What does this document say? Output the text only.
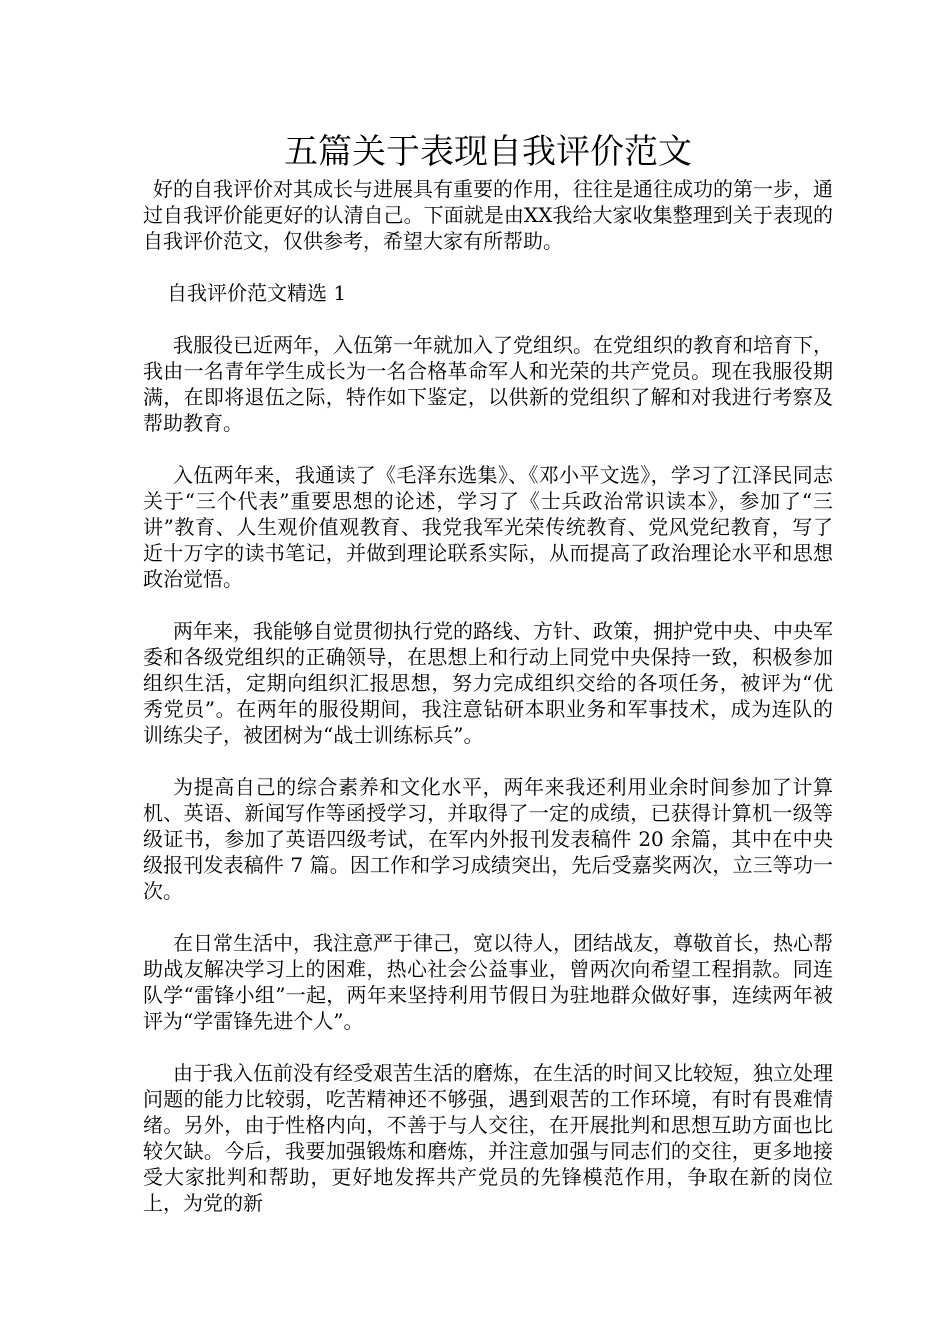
五篇关于表现自我评价范文

好的自我评价对其成长与进展具有重要的作用，往往是通往成功的第一步，通过自我评价能更好的认清自己。下面就是由XX我给大家收集整理到关于表现的自我评价范文，仅供参考，希望大家有所帮助。

自我评价范文精选 1

我服役已近两年，入伍第一年就加入了党组织。在党组织的教育和培育下，我由一名青年学生成长为一名合格革命军人和光荣的共产党员。现在我服役期满，在即将退伍之际，特作如下鉴定，以供新的党组织了解和对我进行考察及帮助教育。

入伍两年来，我通读了《毛泽东选集》、《邓小平文选》，学习了江泽民同志关于“三个代表”重要思想的论述，学习了《士兵政治常识读本》，参加了“三讲”教育、人生观价值观教育、我党我军光荣传统教育、党风党纪教育，写了近十万字的读书笔记，并做到理论联系实际，从而提高了政治理论水平和思想政治觉悟。

两年来，我能够自觉贯彻执行党的路线、方针、政策，拥护党中央、中央军委和各级党组织的正确领导，在思想上和行动上同党中央保持一致，积极参加组织生活，定期向组织汇报思想，努力完成组织交给的各项任务，被评为“优秀党员”。在两年的服役期间，我注意钻研本职业务和军事技术，成为连队的训练尖子，被团树为“战士训练标兵”。

为提高自己的综合素养和文化水平，两年来我还利用业余时间参加了计算机、英语、新闻写作等函授学习，并取得了一定的成绩，已获得计算机一级等级证书，参加了英语四级考试，在军内外报刊发表稿件 20 余篇，其中在中央级报刊发表稿件 7 篇。因工作和学习成绩突出，先后受嘉奖两次，立三等功一次。

在日常生活中，我注意严于律己，宽以待人，团结战友，尊敬首长，热心帮助战友解决学习上的困难，热心社会公益事业，曾两次向希望工程捐款。同连队学“雷锋小组”一起，两年来坚持利用节假日为驻地群众做好事，连续两年被评为“学雷锋先进个人”。

由于我入伍前没有经受艰苦生活的磨炼，在生活的时间又比较短，独立处理问题的能力比较弱，吃苦精神还不够强，遇到艰苦的工作环境，有时有畏难情绪。另外，由于性格内向，不善于与人交往，在开展批判和思想互助方面也比较欠缺。今后，我要加强锻炼和磨炼，并注意加强与同志们的交往，更多地接受大家批判和帮助，更好地发挥共产党员的先锋模范作用，争取在新的岗位上，为党的新
